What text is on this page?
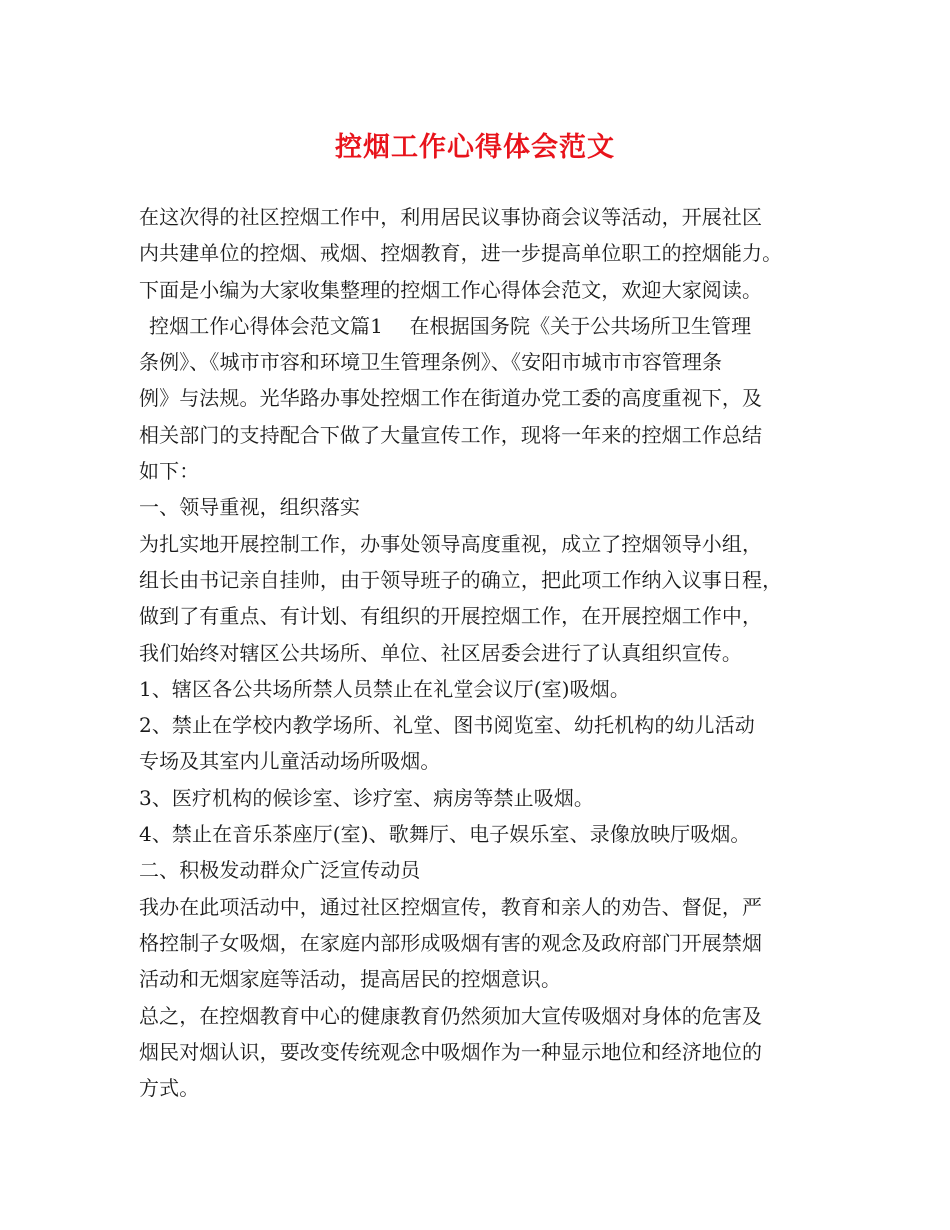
控烟工作心得体会范文
在这次得的社区控烟工作中，利用居民议事协商会议等活动，开展社区
内共建单位的控烟、戒烟、控烟教育，进一步提高单位职工的控烟能力。
下面是小编为大家收集整理的控烟工作心得体会范文，欢迎大家阅读。
控烟工作心得体会范文篇1　 在根据国务院《关于公共场所卫生管理
条例》、《城市市容和环境卫生管理条例》、《安阳市城市市容管理条
例》与法规。光华路办事处控烟工作在街道办党工委的高度重视下，及
相关部门的支持配合下做了大量宣传工作，现将一年来的控烟工作总结
如下：
一、领导重视，组织落实
为扎实地开展控制工作，办事处领导高度重视，成立了控烟领导小组，
组长由书记亲自挂帅，由于领导班子的确立，把此项工作纳入议事日程，
做到了有重点、有计划、有组织的开展控烟工作，在开展控烟工作中，
我们始终对辖区公共场所、单位、社区居委会进行了认真组织宣传。
1、辖区各公共场所禁人员禁止在礼堂会议厅(室)吸烟。
2、禁止在学校内教学场所、礼堂、图书阅览室、幼托机构的幼儿活动
专场及其室内儿童活动场所吸烟。
3、医疗机构的候诊室、诊疗室、病房等禁止吸烟。
4、禁止在音乐茶座厅(室)、歌舞厅、电子娱乐室、录像放映厅吸烟。
二、积极发动群众广泛宣传动员
我办在此项活动中，通过社区控烟宣传，教育和亲人的劝告、督促，严
格控制子女吸烟，在家庭内部形成吸烟有害的观念及政府部门开展禁烟
活动和无烟家庭等活动，提高居民的控烟意识。
总之，在控烟教育中心的健康教育仍然须加大宣传吸烟对身体的危害及
烟民对烟认识，要改变传统观念中吸烟作为一种显示地位和经济地位的
方式。
